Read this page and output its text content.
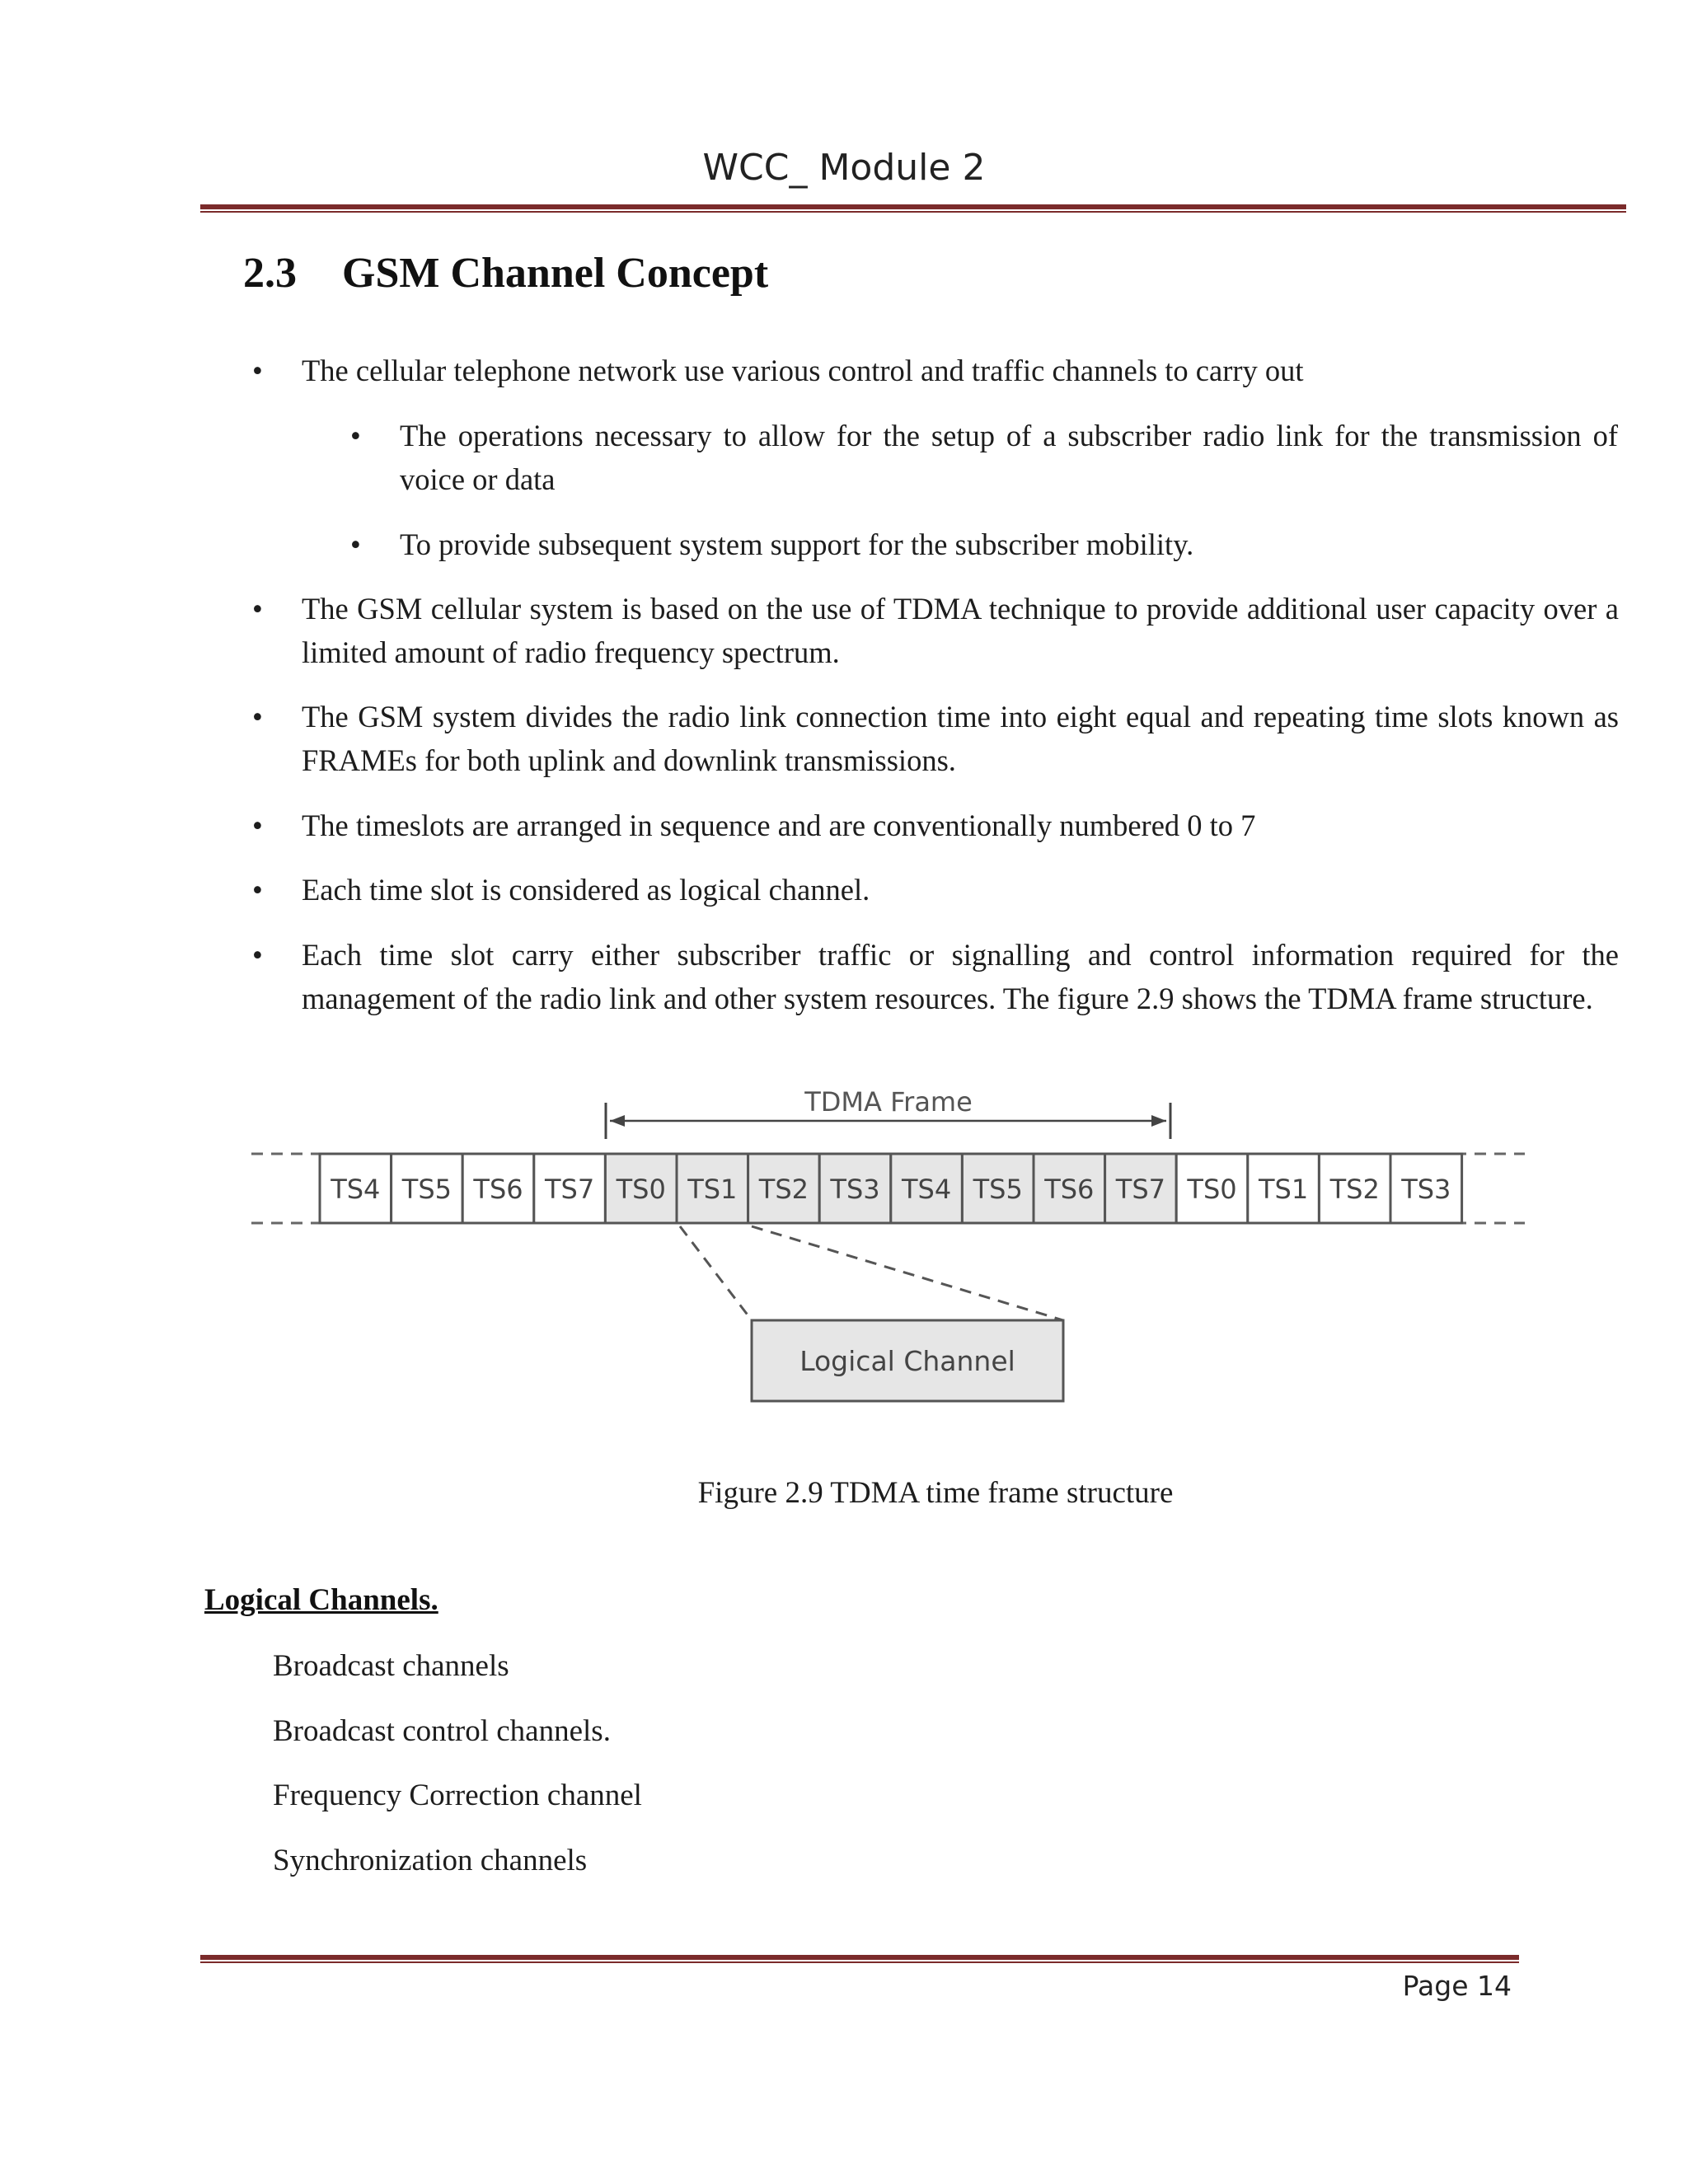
WCC_ Module 2
2.3 GSM Channel Concept
• The cellular telephone network use various control and traffic channels to carry out
• The operations necessary to allow for the setup of a subscriber radio link for the transmission of voice or data
• To provide subsequent system support for the subscriber mobility.
• The GSM cellular system is based on the use of TDMA technique to provide additional user capacity over a limited amount of radio frequency spectrum.
• The GSM system divides the radio link connection time into eight equal and repeating time slots known as FRAMEs for both uplink and downlink transmissions.
• The timeslots are arranged in sequence and are conventionally numbered 0 to 7
• Each time slot is considered as logical channel.
• Each time slot carry either subscriber traffic or signalling and control information required for the management of the radio link and other system resources. The figure 2.9 shows the TDMA frame structure.
TDMA Frame
TS4 TS5 TS6 TS7 TS0 TS1 TS2 TS3 TS4 TS5 TS6 TS7 TS0 TS1 TS2 TS3
Logical Channel
Figure 2.9 TDMA time frame structure
Logical Channels.
Broadcast channels
Broadcast control channels.
Frequency Correction channel
Synchronization channels
Page 14
